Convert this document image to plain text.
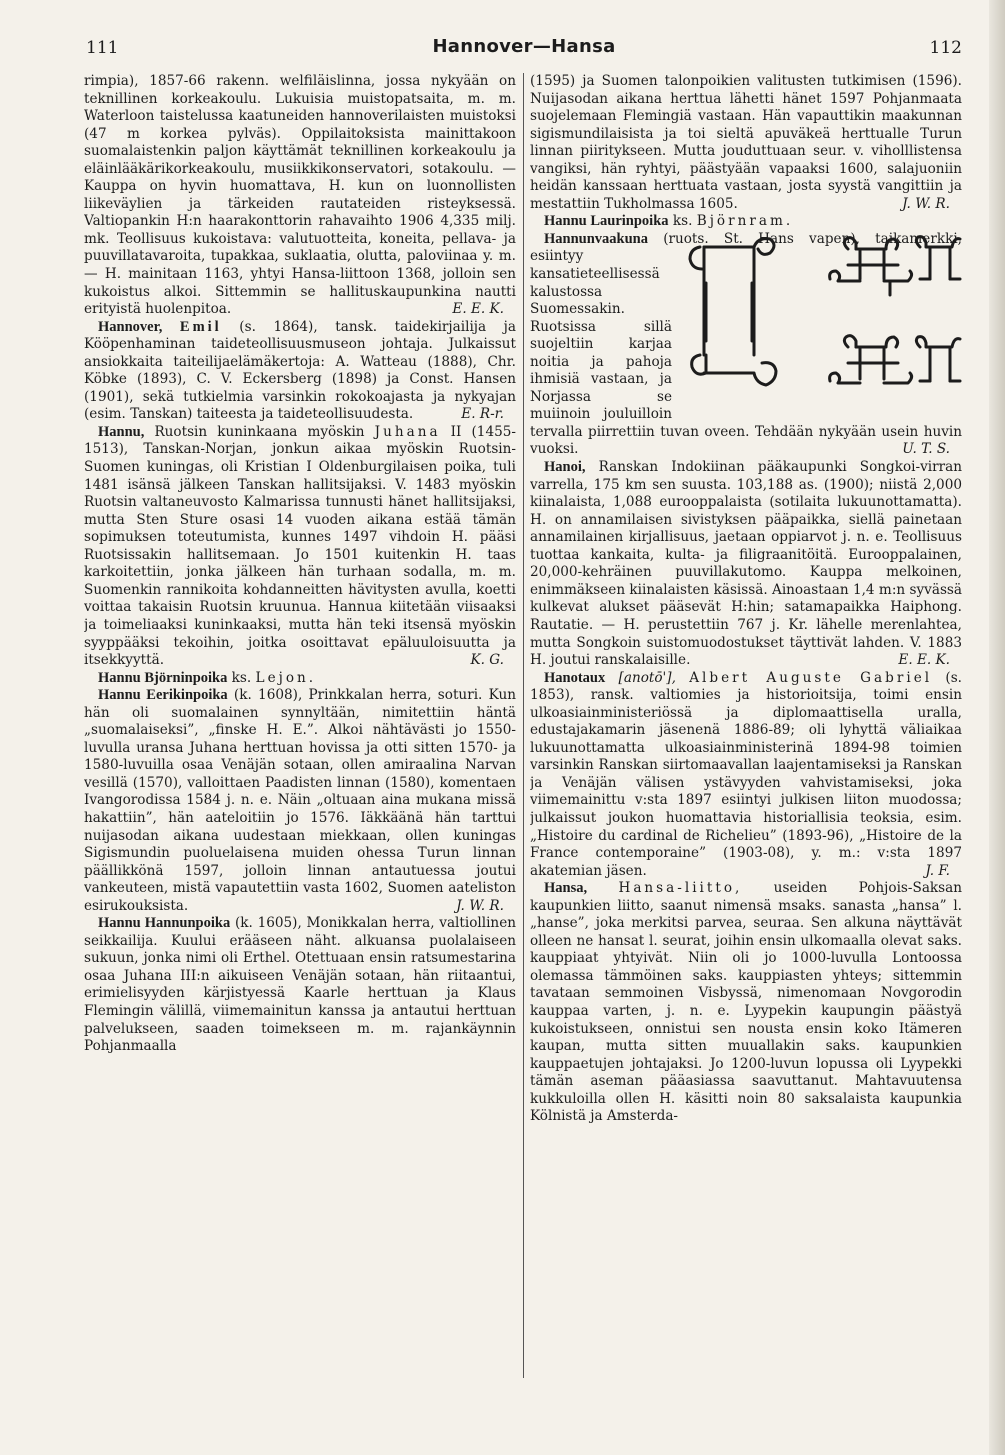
111	Hannover—Hansa	112

rimpia), 1857-66 rakenn. welfiläislinna, jossa nykyään on teknillinen korkeakoulu. Lukuisia muistopatsaita, m. m. Waterloon taistelussa kaatuneiden hannoverilaisten muistoksi (47 m korkea pylväs). Oppilaitoksista mainittakoon suomalaistenkin paljon käyttämät teknillinen korkeakoulu ja eläinlääkärikorkeakoulu, musiikkikonservatori, sotakoulu. — Kauppa on hyvin huomattava, H. kun on luonnollisten liikeväylien ja tärkeiden rautateiden risteyksessä. Valtiopankin H:n haarakonttorin rahavaihto 1906 4,335 milj. mk. Teollisuus kukoistava: valutuotteita, koneita, pellava- ja puuvillatavaroita, tupakkaa, suklaatia, olutta, paloviinaa y. m. — H. mainitaan 1163, yhtyi Hansa-liittoon 1368, jolloin sen kukoistus alkoi. Sittemmin se hallituskaupunkina nautti erityistä huolenpitoa.	E. E. K.

Hannover, Emil (s. 1864), tansk. taidekirjailija ja Kööpenhaminan taideteollisuusmuseon johtaja. Julkaissut ansiokkaita taiteilijaelämäkertoja: A. Watteau (1888), Chr. Köbke (1893), C. V. Eckersberg (1898) ja Const. Hansen (1901), sekä tutkielmia varsinkin rokokoajasta ja nykyajan (esim. Tanskan) taiteesta ja taideteollisuudesta.	E. R-r.

Hannu, Ruotsin kuninkaana myöskin Juhana II (1455-1513), Tanskan-Norjan, jonkun aikaa myöskin Ruotsin-Suomen kuningas, oli Kristian I Oldenburgilaisen poika, tuli 1481 isänsä jälkeen Tanskan hallitsijaksi. V. 1483 myöskin Ruotsin valtaneuvosto Kalmarissa tunnusti hänet hallitsijaksi, mutta Sten Sture osasi 14 vuoden aikana estää tämän sopimuksen toteutumista, kunnes 1497 vihdoin H. pääsi Ruotsissakin hallitsemaan. Jo 1501 kuitenkin H. taas karkoitettiin, jonka jälkeen hän turhaan sodalla, m. m. Suomenkin rannikoita kohdanneitten hävitysten avulla, koetti voittaa takaisin Ruotsin kruunua. Hannua kiitetään viisaaksi ja toimeliaaksi kuninkaaksi, mutta hän teki itsensä myöskin syyppääksi tekoihin, joitka osoittavat epäluuloisuutta ja itsekkyyttä.	K. G.

Hannu Björninpoika ks. Lejon.

Hannu Eerikinpoika (k. 1608), Prinkkalan herra, soturi. Kun hän oli suomalainen synnyltään, nimitettiin häntä „suomalaiseksi”, „finske H. E.”. Alkoi nähtävästi jo 1550-luvulla uransa Juhana herttuan hovissa ja otti sitten 1570- ja 1580-luvuilla osaa Venäjän sotaan, ollen amiraalina Narvan vesillä (1570), valloittaen Paadisten linnan (1580), komentaen Ivangorodissa 1584 j. n. e. Näin „oltuaan aina mukana missä hakattiin”, hän aateloitiin jo 1576. Iäkkäänä hän tarttui nuijasodan aikana uudestaan miekkaan, ollen kuningas Sigismundin puoluelaisena muiden ohessa Turun linnan päällikkönä 1597, jolloin linnan antautuessa joutui vankeuteen, mistä vapautettiin vasta 1602, Suomen aateliston esirukouksista.	J. W. R.

Hannu Hannunpoika (k. 1605), Monikkalan herra, valtiollinen seikkailija. Kuului erääseen näht. alkuansa puolalaiseen sukuun, jonka nimi oli Erthel. Otettuaan ensin ratsumestarina osaa Juhana III:n aikuiseen Venäjän sotaan, hän riitaantui, erimielisyyden kärjistyessä Kaarle herttuan ja Klaus Flemingin välillä, viimemainitun kanssa ja antautui herttuan palvelukseen, saaden toimekseen m. m. rajankäynnin Pohjanmaalla

(1595) ja Suomen talonpoikien valitusten tutkimisen (1596). Nuijasodan aikana herttua lähetti hänet 1597 Pohjanmaata suojelemaan Flemingiä vastaan. Hän vapauttikin maakunnan sigismundilaisista ja toi sieltä apuväkeä herttualle Turun linnan piiritykseen. Mutta jouduttuaan seur. v. viholllistensa vangiksi, hän ryhtyi, päästyään vapaaksi 1600, salajuoniin heidän kanssaan herttuata vastaan, josta syystä vangittiin ja mestattiin Tukholmassa 1605.	J. W. R.

Hannu Laurinpoika ks. Björnram.

Hannunvaakuna
(ruots. St. Hans vapen), taikamerkki, esiintyy kansatieteellisessä kalustossa Suomessakin. Ruotsissa sillä suojeltiin karjaa noitia ja pahoja ihmisiä vastaan, ja Norjassa se muiinoin jouluilloin tervalla piirrettiin tuvan oveen. Tehdään nykyään usein huvin vuoksi.	U. T. S.

Hanoi, Ranskan Indokiinan pääkaupunki Songkoi-virran varrella, 175 km sen suusta. 103,188 as. (1900); niistä 2,000 kiinalaista, 1,088 eurooppalaista (sotilaita lukuunottamatta). H. on annamilaisen sivistyksen pääpaikka, siellä painetaan annamilainen kirjallisuus, jaetaan oppiarvot j. n. e. Teollisuus tuottaa kankaita, kulta- ja filigraanitöitä. Eurooppalainen, 20,000-kehräinen puuvillakutomo. Kauppa melkoinen, enimmäkseen kiinalaisten käsissä. Ainoastaan 1,4 m:n syvässä kulkevat alukset pääsevät H:hin; satamapaikka Haiphong. Rautatie. — H. perustettiin 767 j. Kr. lähelle merenlahtea, mutta Songkoin suistomuodostukset täyttivät lahden. V. 1883 H. joutui ranskalaisille.	E. E. K.

Hanotaux [anotō'], Albert Auguste Gabriel (s. 1853), ransk. valtiomies ja historioitsija, toimi ensin ulkoasiainministeriössä ja diplomaattisella uralla, edustajakamarin jäsenenä 1886-89; oli lyhyttä väliaikaa lukuunottamatta ulkoasiainministerinä 1894-98 toimien varsinkin Ranskan siirtomaavallan laajentamiseksi ja Ranskan ja Venäjän välisen ystävyyden vahvistamiseksi, joka viimemainittu v:sta 1897 esiintyi julkisen liiton muodossa; julkaissut joukon huomattavia historiallisia teoksia, esim. „Histoire du cardinal de Richelieu” (1893-96), „Histoire de la France contemporaine” (1903-08), y. m.: v:sta 1897 akatemian jäsen.	J. F.

Hansa, Hansa-liitto, useiden Pohjois-Saksan kaupunkien liitto, saanut nimensä msaks. sanasta „hansa” l. „hanse”, joka merkitsi parvea, seuraa. Sen alkuna näyttävät olleen ne hansat l. seurat, joihin ensin ulkomaalla olevat saks. kauppiaat yhtyivät. Niin oli jo 1000-luvulla Lontoossa olemassa tämmöinen saks. kauppiasten yhteys; sittemmin tavataan semmoinen Visbyssä, nimenomaan Novgorodin kauppaa varten, j. n. e. Lyypekin kaupungin päästyä kukoistukseen, onnistui sen nousta ensin koko Itämeren kaupan, mutta sitten muuallakin saks. kaupunkien kauppaetujen johtajaksi. Jo 1200-luvun lopussa oli Lyypekki tämän aseman pääasiassa saavuttanut. Mahtavuutensa kukkuloilla ollen H. käsitti noin 80 saksalaista kaupunkia Kölnistä ja Amsterda-
